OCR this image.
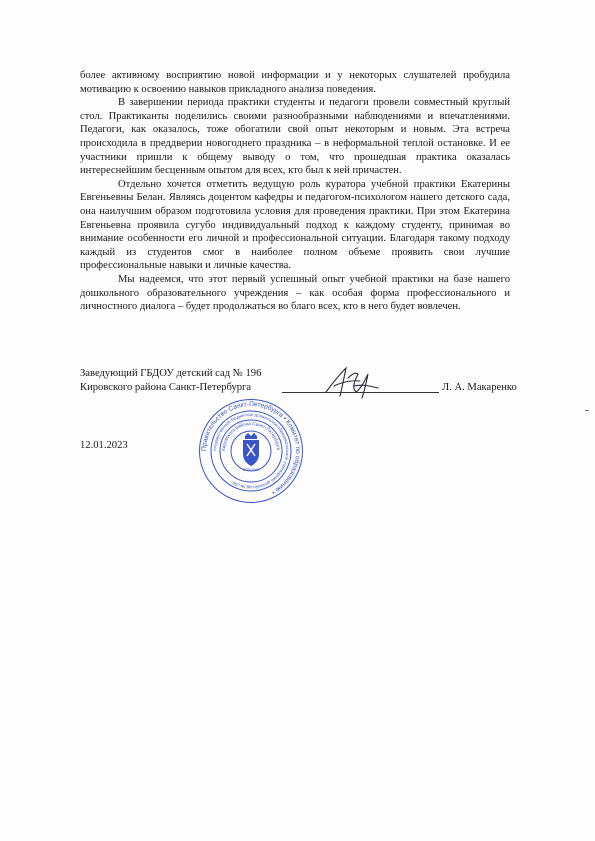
более активному восприятию новой информации и у некоторых слушателей пробудила мотивацию к освоению навыков прикладного анализа поведения.

В завершении периода практики студенты и педагоги провели совместный круглый стол. Практиканты поделились своими разнообразными наблюдениями и впечатлениями. Педагоги, как оказалось, тоже обогатили свой опыт некоторым и новым. Эта встреча происходила в преддверии новогоднего праздника – в неформальной теплой остановке. И ее участники пришли к общему выводу о том, что прошедшая практика оказалась интереснейшим бесценным опытом для всех, кто был к ней причастен.

Отдельно хочется отметить ведущую роль куратора учебной практики Екатерины Евгеньевны Белан. Являясь доцентом кафедры и педагогом-психологом нашего детского сада, она наилучшим образом подготовила условия для проведения практики. При этом Екатерина Евгеньевна проявила сугубо индивидуальный подход к каждому студенту, принимая во внимание особенности его личной и профессиональной ситуации. Благодаря такому подходу каждый из студентов смог в наиболее полном объеме проявить свои лучшие профессиональные навыки и личные качества.

Мы надеемся, что этот первый успешный опыт учебной практики на базе нашего дошкольного образовательного учреждения – как особая форма профессионального и личностного диалога – будет продолжаться во благо всех, кто в него будет вовлечен.

Заведующий ГБДОУ детский сад № 196
Кировского района Санкт-Петербурга	Л. А. Макаренко
Правительство Санкт-Петербурга • Комитет по образованию •
государственное бюджетное дошкольное образовательное учреждение детский сад № 196
Кировского района Санкт-Петербурга
ОГРН ИНН
12.01.2023
